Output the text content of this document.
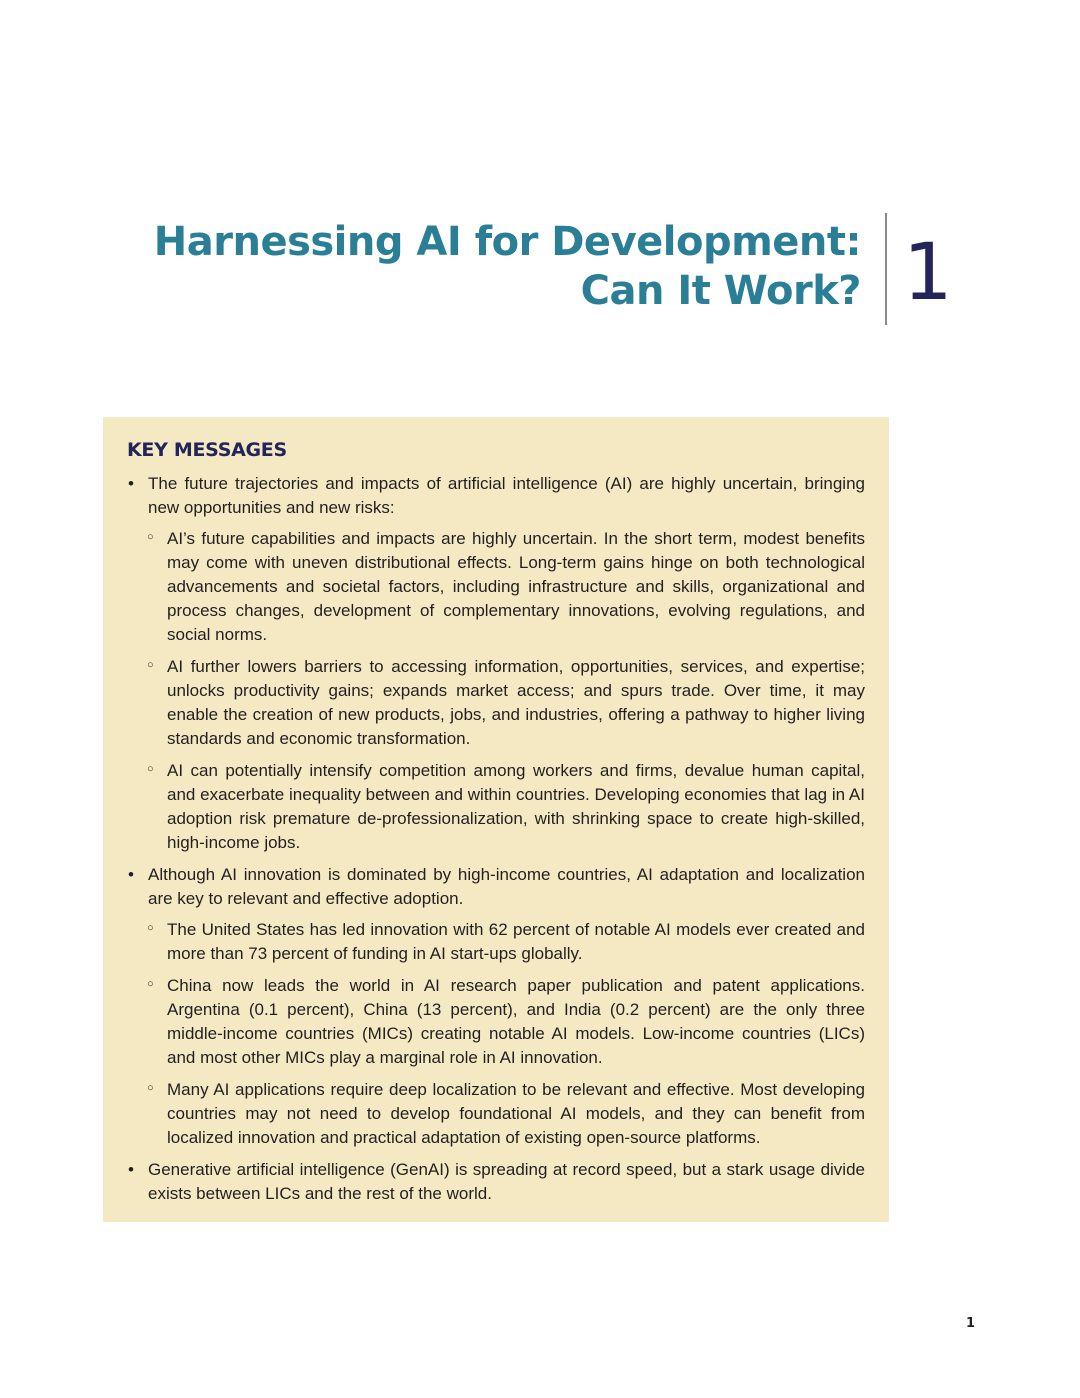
Harnessing AI for Development:
Can It Work? 1
KEY MESSAGES
• The future trajectories and impacts of artificial intelligence (AI) are highly uncertain, bringing new opportunities and new risks:
○ AI’s future capabilities and impacts are highly uncertain. In the short term, modest benefits may come with uneven distributional effects. Long-term gains hinge on both technological advancements and societal factors, including infrastructure and skills, organizational and process changes, development of complementary innovations, evolving regulations, and social norms.
○ AI further lowers barriers to accessing information, opportunities, services, and expertise; unlocks productivity gains; expands market access; and spurs trade. Over time, it may enable the creation of new products, jobs, and industries, offering a pathway to higher living standards and economic transformation.
○ AI can potentially intensify competition among workers and firms, devalue human capital, and exacerbate inequality between and within countries. Developing economies that lag in AI adoption risk premature de-professionalization, with shrinking space to create high-skilled, high-income jobs.
• Although AI innovation is dominated by high-income countries, AI adaptation and localization are key to relevant and effective adoption.
○ The United States has led innovation with 62 percent of notable AI models ever created and more than 73 percent of funding in AI start-ups globally.
○ China now leads the world in AI research paper publication and patent applications. Argentina (0.1 percent), China (13 percent), and India (0.2 percent) are the only three middle-income countries (MICs) creating notable AI models. Low-income countries (LICs) and most other MICs play a marginal role in AI innovation.
○ Many AI applications require deep localization to be relevant and effective. Most developing countries may not need to develop foundational AI models, and they can benefit from localized innovation and practical adaptation of existing open-source platforms.
• Generative artificial intelligence (GenAI) is spreading at record speed, but a stark usage divide exists between LICs and the rest of the world.
1
